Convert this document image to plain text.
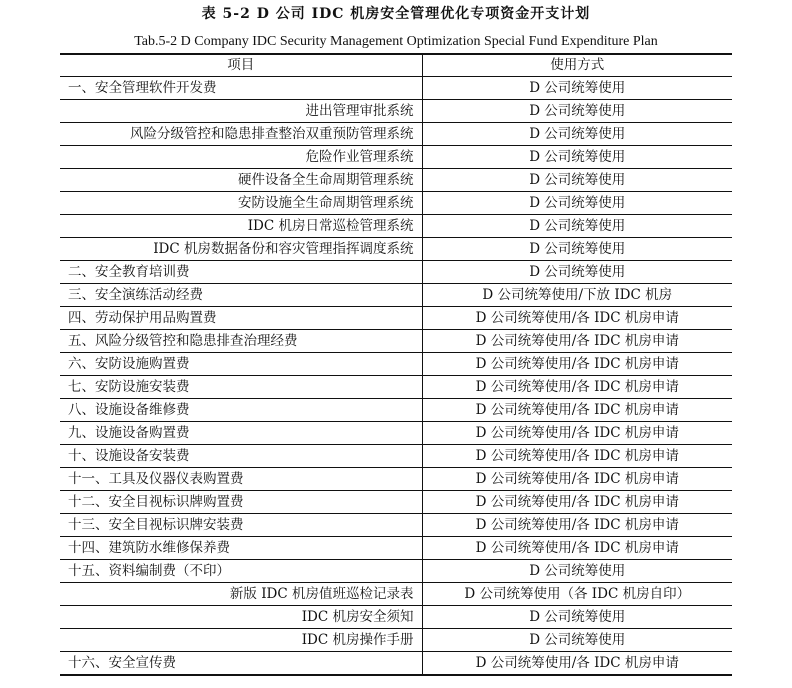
表 5-2 D 公司 IDC 机房安全管理优化专项资金开支计划
Tab.5-2 D Company IDC Security Management Optimization Special Fund Expenditure Plan
项目	使用方式
一、安全管理软件开发费	D 公司统筹使用
进出管理审批系统	D 公司统筹使用
风险分级管控和隐患排查整治双重预防管理系统	D 公司统筹使用
危险作业管理系统	D 公司统筹使用
硬件设备全生命周期管理系统	D 公司统筹使用
安防设施全生命周期管理系统	D 公司统筹使用
IDC 机房日常巡检管理系统	D 公司统筹使用
IDC 机房数据备份和容灾管理指挥调度系统	D 公司统筹使用
二、安全教育培训费	D 公司统筹使用
三、安全演练活动经费	D 公司统筹使用/下放 IDC 机房
四、劳动保护用品购置费	D 公司统筹使用/各 IDC 机房申请
五、风险分级管控和隐患排查治理经费	D 公司统筹使用/各 IDC 机房申请
六、安防设施购置费	D 公司统筹使用/各 IDC 机房申请
七、安防设施安装费	D 公司统筹使用/各 IDC 机房申请
八、设施设备维修费	D 公司统筹使用/各 IDC 机房申请
九、设施设备购置费	D 公司统筹使用/各 IDC 机房申请
十、设施设备安装费	D 公司统筹使用/各 IDC 机房申请
十一、工具及仪器仪表购置费	D 公司统筹使用/各 IDC 机房申请
十二、安全目视标识牌购置费	D 公司统筹使用/各 IDC 机房申请
十三、安全目视标识牌安装费	D 公司统筹使用/各 IDC 机房申请
十四、建筑防水维修保养费	D 公司统筹使用/各 IDC 机房申请
十五、资料编制费（不印）	D 公司统筹使用
新版 IDC 机房值班巡检记录表	D 公司统筹使用（各 IDC 机房自印）
IDC 机房安全须知	D 公司统筹使用
IDC 机房操作手册	D 公司统筹使用
十六、安全宣传费	D 公司统筹使用/各 IDC 机房申请
